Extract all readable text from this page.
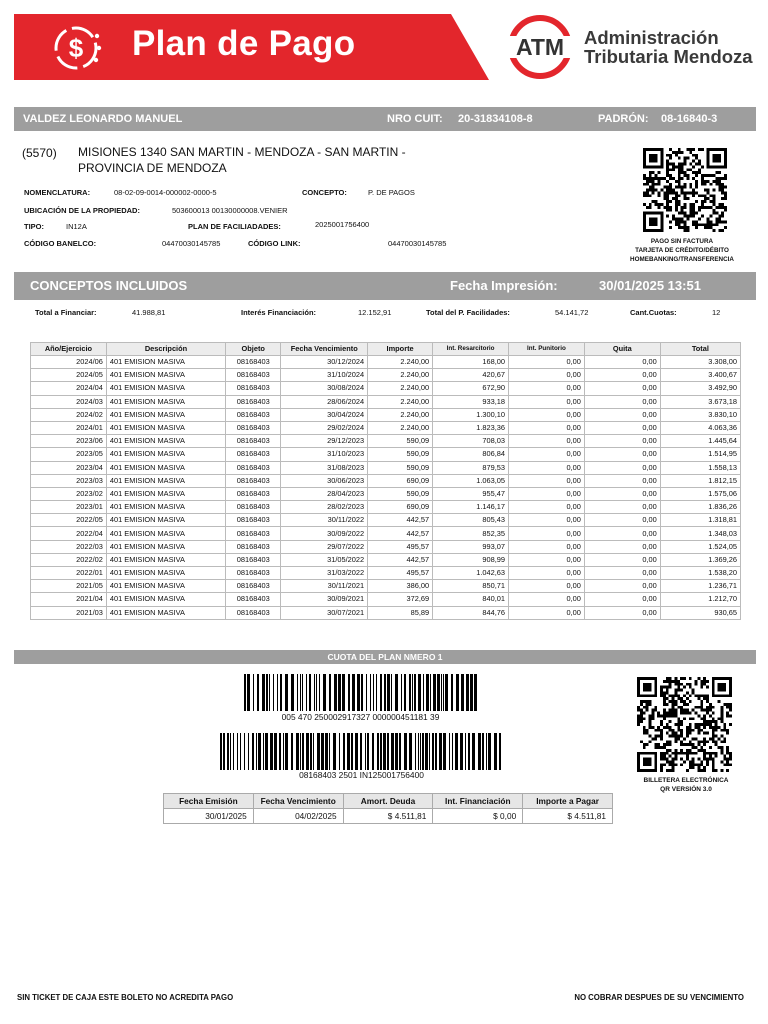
$ Plan de Pago	ATM Administración
Tributaria Mendoza
VALDEZ LEONARDO MANUEL	NRO CUIT: 20-31834108-8	PADRÓN: 08-16840-3
(5570) MISIONES 1340 SAN MARTIN - MENDOZA - SAN MARTIN -
PROVINCIA DE MENDOZA
NOMENCLATURA:	08-02-09-0014-000002-0000-5	CONCEPTO:	P. DE PAGOS
UBICACIÓN DE LA PROPIEDAD:	503600013 00130000008.VENIER
TIPO:	IN12A	PLAN DE FACILIADADES:	2025001756400
CÓDIGO BANELCO:	04470030145785	CÓDIGO LINK:	04470030145785	PAGO SIN FACTURA
TARJETA DE CRÉDITO/DÉBITO
HOMEBANKING/TRANSFERENCIA
CONCEPTOS INCLUIDOS	Fecha Impresión:	30/01/2025 13:51
Total a Financiar:	41.988,81	Interés Financiación:	12.152,91	Total del P. Facilidades:	54.141,72	Cant.Cuotas:	12
Año/Ejercicio	Descripción	Objeto	Fecha Vencimiento	Importe	Int. Resarcitorio	Int. Punitorio	Quita	Total
2024/06	401 EMISION MASIVA	08168403	30/12/2024	2.240,00	168,00	0,00	0,00	3.308,00
2024/05	401 EMISION MASIVA	08168403	31/10/2024	2.240,00	420,67	0,00	0,00	3.400,67
2024/04	401 EMISION MASIVA	08168403	30/08/2024	2.240,00	672,90	0,00	0,00	3.492,90
2024/03	401 EMISION MASIVA	08168403	28/06/2024	2.240,00	933,18	0,00	0,00	3.673,18
2024/02	401 EMISION MASIVA	08168403	30/04/2024	2.240,00	1.300,10	0,00	0,00	3.830,10
2024/01	401 EMISION MASIVA	08168403	29/02/2024	2.240,00	1.823,36	0,00	0,00	4.063,36
2023/06	401 EMISION MASIVA	08168403	29/12/2023	590,09	708,03	0,00	0,00	1.445,64
2023/05	401 EMISION MASIVA	08168403	31/10/2023	590,09	806,84	0,00	0,00	1.514,95
2023/04	401 EMISION MASIVA	08168403	31/08/2023	590,09	879,53	0,00	0,00	1.558,13
2023/03	401 EMISION MASIVA	08168403	30/06/2023	690,09	1.063,05	0,00	0,00	1.812,15
2023/02	401 EMISION MASIVA	08168403	28/04/2023	590,09	955,47	0,00	0,00	1.575,06
2023/01	401 EMISION MASIVA	08168403	28/02/2023	690,09	1.146,17	0,00	0,00	1.836,26
2022/05	401 EMISION MASIVA	08168403	30/11/2022	442,57	805,43	0,00	0,00	1.318,81
2022/04	401 EMISION MASIVA	08168403	30/09/2022	442,57	852,35	0,00	0,00	1.348,03
2022/03	401 EMISION MASIVA	08168403	29/07/2022	495,57	993,07	0,00	0,00	1.524,05
2022/02	401 EMISION MASIVA	08168403	31/05/2022	442,57	908,99	0,00	0,00	1.369,26
2022/01	401 EMISION MASIVA	08168403	31/03/2022	495,57	1.042,63	0,00	0,00	1.538,20
2021/05	401 EMISION MASIVA	08168403	30/11/2021	386,00	850,71	0,00	0,00	1.236,71
2021/04	401 EMISION MASIVA	08168403	30/09/2021	372,69	840,01	0,00	0,00	1.212,70
2021/03	401 EMISION MASIVA	08168403	30/07/2021	85,89	844,76	0,00	0,00	930,65
CUOTA DEL PLAN NMERO 1
005 470 250002917327 000000451181 39
08168403 2501 IN125001756400
BILLETERA ELECTRÓNICA
QR VERSIÓN 3.0
Fecha Emisión	Fecha Vencimiento	Amort. Deuda	Int. Financiación	Importe a Pagar
30/01/2025	04/02/2025	$ 4.511,81	$ 0,00	$ 4.511,81
SIN TICKET DE CAJA ESTE BOLETO NO ACREDITA PAGO	NO COBRAR DESPUES DE SU VENCIMIENTO
